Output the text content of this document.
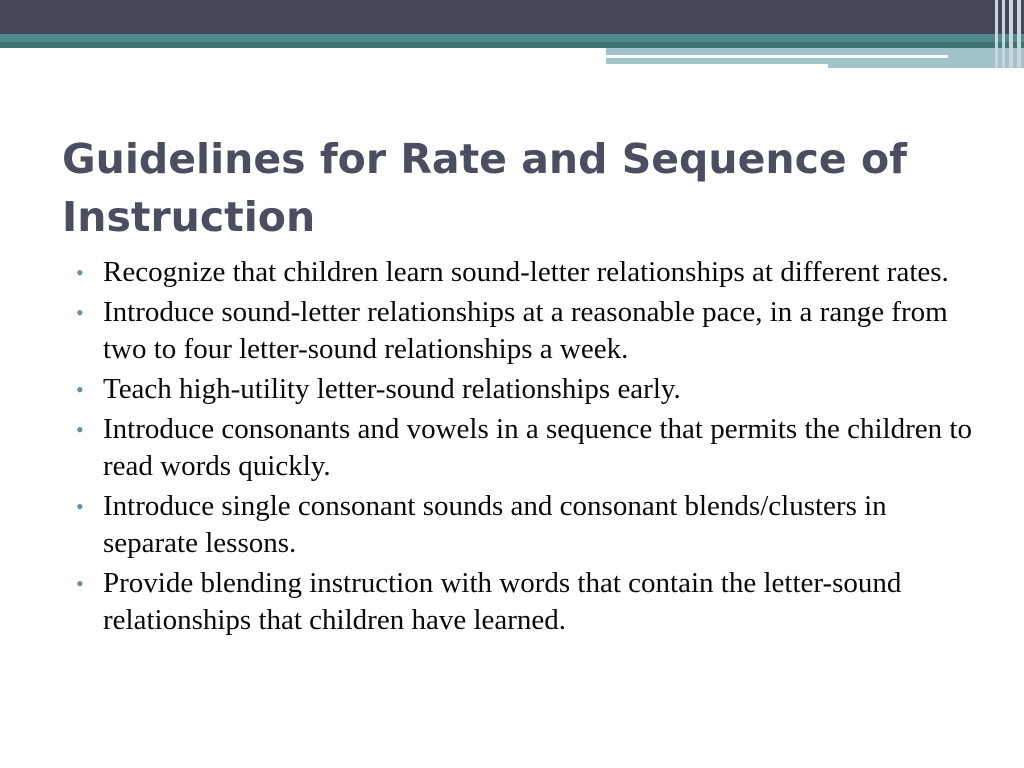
Guidelines for Rate and Sequence of Instruction
• Recognize that children learn sound-letter relationships at different rates.
• Introduce sound-letter relationships at a reasonable pace, in a range from two to four letter-sound relationships a week.
• Teach high-utility letter-sound relationships early.
• Introduce consonants and vowels in a sequence that permits the children to read words quickly.
• Introduce single consonant sounds and consonant blends/clusters in separate lessons.
• Provide blending instruction with words that contain the letter-sound relationships that children have learned.
